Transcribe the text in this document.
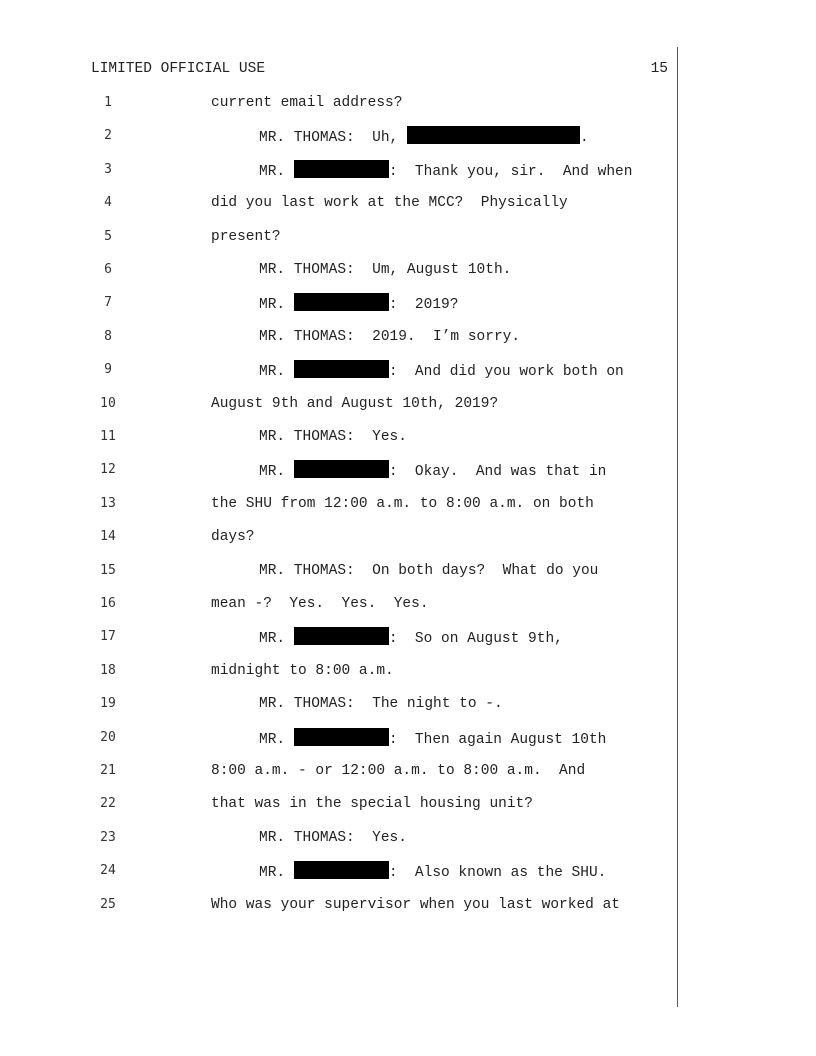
LIMITED OFFICIAL USE	15
1	current email address?
2	MR. THOMAS:  Uh,	.
3	MR.	:  Thank you, sir.  And when
4	did you last work at the MCC?  Physically
5	present?
6	MR. THOMAS:  Um, August 10th.
7	MR.	:  2019?
8	MR. THOMAS:  2019.  I’m sorry.
9	MR.	:  And did you work both on
10	August 9th and August 10th, 2019?
11	MR. THOMAS:  Yes.
12	MR.	:  Okay.  And was that in
13	the SHU from 12:00 a.m. to 8:00 a.m. on both
14	days?
15	MR. THOMAS:  On both days?  What do you
16	mean -?  Yes.  Yes.  Yes.
17	MR.	:  So on August 9th,
18	midnight to 8:00 a.m.
19	MR. THOMAS:  The night to -.
20	MR.	:  Then again August 10th
21	8:00 a.m. - or 12:00 a.m. to 8:00 a.m.  And
22	that was in the special housing unit?
23	MR. THOMAS:  Yes.
24	MR.	:  Also known as the SHU.
25	Who was your supervisor when you last worked at
